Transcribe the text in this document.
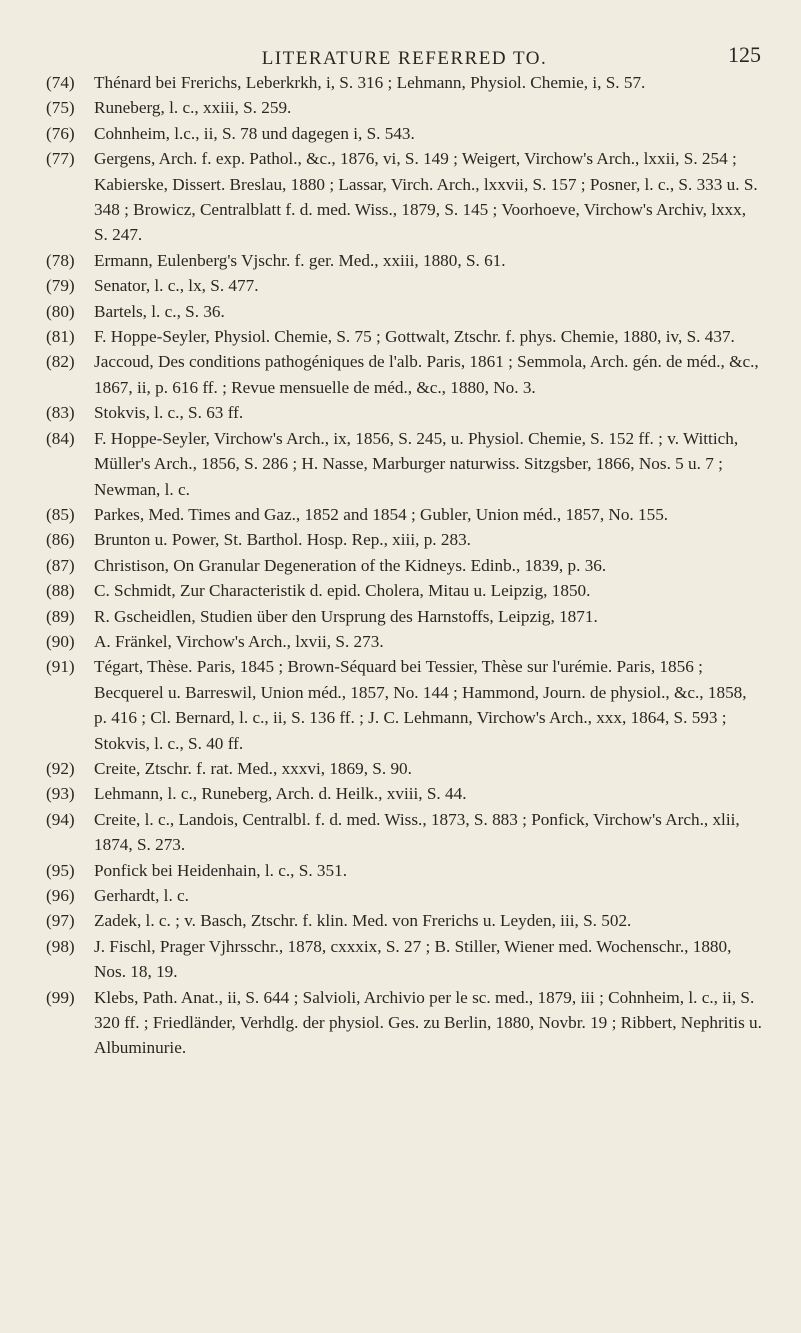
LITERATURE REFERRED TO.	125
(74) Thénard bei Frerichs, Leberkrkh, i, S. 316 ; Lehmann, Physiol. Chemie, i, S. 57.
(75) Runeberg, l. c., xxiii, S. 259.
(76) Cohnheim, l.c., ii, S. 78 und dagegen i, S. 543.
(77) Gergens, Arch. f. exp. Pathol., &c., 1876, vi, S. 149 ; Weigert, Virchow's Arch., lxxii, S. 254 ; Kabierske, Dissert. Breslau, 1880 ; Lassar, Virch. Arch., lxxvii, S. 157 ; Posner, l. c., S. 333 u. S. 348 ; Browicz, Centralblatt f. d. med. Wiss., 1879, S. 145 ; Voorhoeve, Virchow's Archiv, lxxx, S. 247.
(78) Ermann, Eulenberg's Vjschr. f. ger. Med., xxiii, 1880, S. 61.
(79) Senator, l. c., lx, S. 477.
(80) Bartels, l. c., S. 36.
(81) F. Hoppe-Seyler, Physiol. Chemie, S. 75 ; Gottwalt, Ztschr. f. phys. Chemie, 1880, iv, S. 437.
(82) Jaccoud, Des conditions pathogéniques de l'alb. Paris, 1861 ; Semmola, Arch. gén. de méd., &c., 1867, ii, p. 616 ff. ; Revue mensuelle de méd., &c., 1880, No. 3.
(83) Stokvis, l. c., S. 63 ff.
(84) F. Hoppe-Seyler, Virchow's Arch., ix, 1856, S. 245, u. Physiol. Chemie, S. 152 ff. ; v. Wittich, Müller's Arch., 1856, S. 286 ; H. Nasse, Marburger naturwiss. Sitzgsber, 1866, Nos. 5 u. 7 ; Newman, l. c.
(85) Parkes, Med. Times and Gaz., 1852 and 1854 ; Gubler, Union méd., 1857, No. 155.
(86) Brunton u. Power, St. Barthol. Hosp. Rep., xiii, p. 283.
(87) Christison, On Granular Degeneration of the Kidneys. Edinb., 1839, p. 36.
(88) C. Schmidt, Zur Characteristik d. epid. Cholera, Mitau u. Leipzig, 1850.
(89) R. Gscheidlen, Studien über den Ursprung des Harnstoffs, Leipzig, 1871.
(90) A. Fränkel, Virchow's Arch., lxvii, S. 273.
(91) Tégart, Thèse. Paris, 1845 ; Brown-Séquard bei Tessier, Thèse sur l'urémie. Paris, 1856 ; Becquerel u. Barreswil, Union méd., 1857, No. 144 ; Hammond, Journ. de physiol., &c., 1858, p. 416 ; Cl. Bernard, l. c., ii, S. 136 ff. ; J. C. Lehmann, Virchow's Arch., xxx, 1864, S. 593 ; Stokvis, l. c., S. 40 ff.
(92) Creite, Ztschr. f. rat. Med., xxxvi, 1869, S. 90.
(93) Lehmann, l. c., Runeberg, Arch. d. Heilk., xviii, S. 44.
(94) Creite, l. c., Landois, Centralbl. f. d. med. Wiss., 1873, S. 883 ; Ponfick, Virchow's Arch., xlii, 1874, S. 273.
(95) Ponfick bei Heidenhain, l. c., S. 351.
(96) Gerhardt, l. c.
(97) Zadek, l. c. ; v. Basch, Ztschr. f. klin. Med. von Frerichs u. Leyden, iii, S. 502.
(98) J. Fischl, Prager Vjhrsschr., 1878, cxxxix, S. 27 ; B. Stiller, Wiener med. Wochenschr., 1880, Nos. 18, 19.
(99) Klebs, Path. Anat., ii, S. 644 ; Salvioli, Archivio per le sc. med., 1879, iii ; Cohnheim, l. c., ii, S. 320 ff. ; Friedländer, Verhdlg. der physiol. Ges. zu Berlin, 1880, Novbr. 19 ; Ribbert, Nephritis u. Albuminurie.
